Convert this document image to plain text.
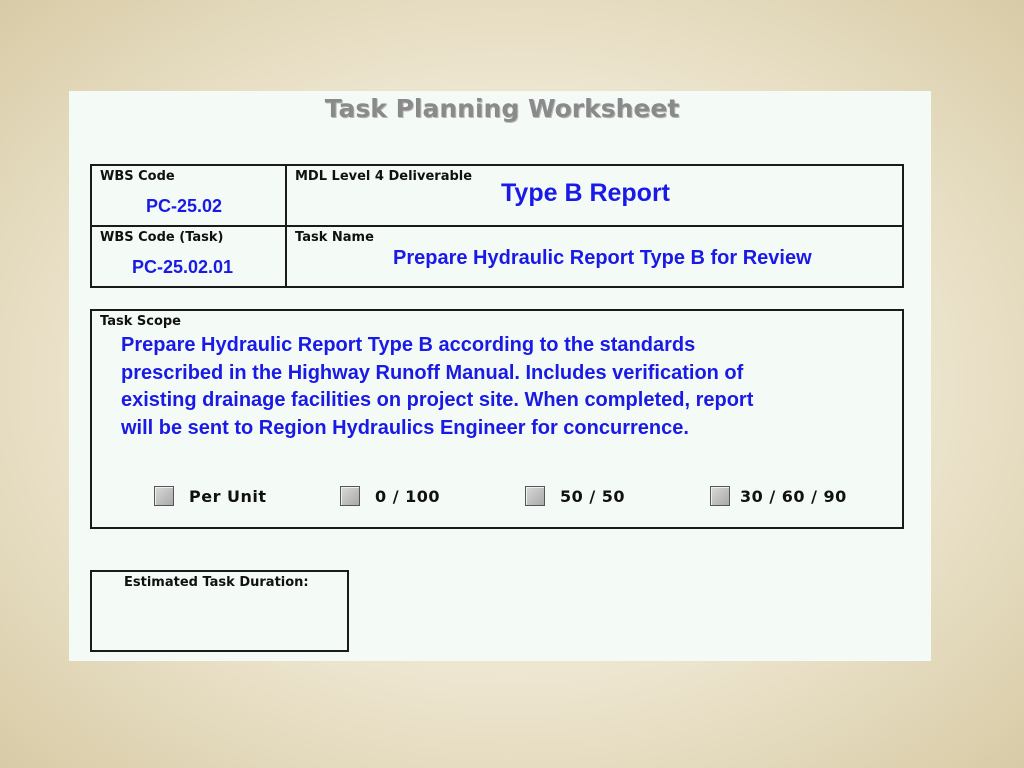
Task Planning Worksheet
WBS Code
PC-25.02
MDL Level 4 Deliverable
Type B Report
WBS Code (Task)
PC-25.02.01
Task Name
Prepare Hydraulic Report Type B for Review
Task Scope
Prepare Hydraulic Report Type B according to the standards
prescribed in the Highway Runoff Manual. Includes verification of
existing drainage facilities on project site. When completed, report
will be sent to Region Hydraulics Engineer for concurrence.
Per Unit	0 / 100	50 / 50	30 / 60 / 90
Estimated Task Duration:
